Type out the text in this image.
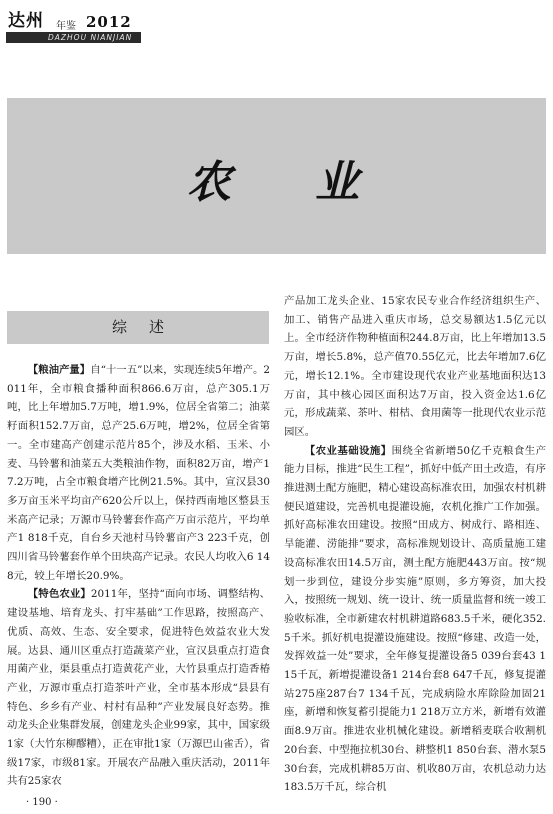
达州 年鉴 2012
DAZHOU NIANJIAN
农 业
综述

【粮油产量】自“十一五”以来，实现连续5年增产。2011年，全市粮食播种面积866.6万亩，总产305.1万吨，比上年增加5.7万吨，增1.9%，位居全省第二；油菜籽面积152.7万亩，总产25.6万吨，增2%，位居全省第一。全市建高产创建示范片85个，涉及水稻、玉米、小麦、马铃薯和油菜五大类粮油作物，面积82万亩，增产17.2万吨，占全市粮食增产比例21.5%。其中，宣汉县30多万亩玉米平均亩产620公斤以上，保持西南地区整县玉米高产记录；万源市马铃薯套作高产万亩示范片，平均单产1 818千克，自台乡天池村马铃薯亩产3 223千克，创四川省马铃薯套作单个田块高产记录。农民人均收入6 148元，较上年增长20.9%。

【特色农业】2011年，坚持“面向市场、调整结构、建设基地、培育龙头、打牢基础”工作思路，按照高产、优质、高效、生态、安全要求，促进特色效益农业大发展。达县、通川区重点打造蔬菜产业，宣汉县重点打造食用菌产业，渠县重点打造黄花产业，大竹县重点打造香椿产业，万源市重点打造茶叶产业，全市基本形成“县县有特色、乡乡有产业、村村有品种”产业发展良好态势。推动龙头企业集群发展，创建龙头企业99家，其中，国家级1家（大竹东柳醪糟），正在审批1家（万源巴山雀舌），省级17家，市级81家。开展农产品融入重庆活动，2011年共有25家农

产品加工龙头企业、15家农民专业合作经济组织生产、加工、销售产品进入重庆市场，总交易额达1.5亿元以上。全市经济作物种植面积244.8万亩，比上年增加13.5万亩，增长5.8%，总产值70.55亿元，比去年增加7.6亿元，增长12.1%。全市建设现代农业产业基地面积达13万亩，其中核心园区面积达7万亩，投入资金达1.6亿元，形成蔬菜、茶叶、柑桔、食用菌等一批现代农业示范园区。

【农业基础设施】围绕全省新增50亿千克粮食生产能力目标，推进“民生工程”，抓好中低产田土改造，有序推进测土配方施肥，精心建设高标准农田，加强农村机耕便民道建设，完善机电提灌设施，农机化推广工作加强。抓好高标准农田建设。按照“田成方、树成行、路相连、旱能灌、涝能排”要求，高标准规划设计、高质量施工建设高标准农田14.5万亩，测土配方施肥443万亩。按“规划一步到位，建设分步实施”原则，多方筹资，加大投入，按照统一规划、统一设计、统一质量监督和统一竣工验收标准，全市新建农村机耕道路683.5千米，硬化352.5千米。抓好机电提灌设施建设。按照“修建、改造一处，发挥效益一处”要求，全年修复提灌设备5 039台套43 115千瓦，新增提灌设备1 214台套8 647千瓦，修复提灌站275座287台7 134千瓦，完成病险水库除险加固21座，新增和恢复蓄引提能力1 218万立方米，新增有效灌面8.9万亩。推进农业机械化建设。新增稻麦联合收割机20台套、中型拖拉机30台、耕整机1 850台套、潜水泵530台套，完成机耕85万亩、机收80万亩，农机总动力达183.5万千瓦，综合机

· 190 ·
